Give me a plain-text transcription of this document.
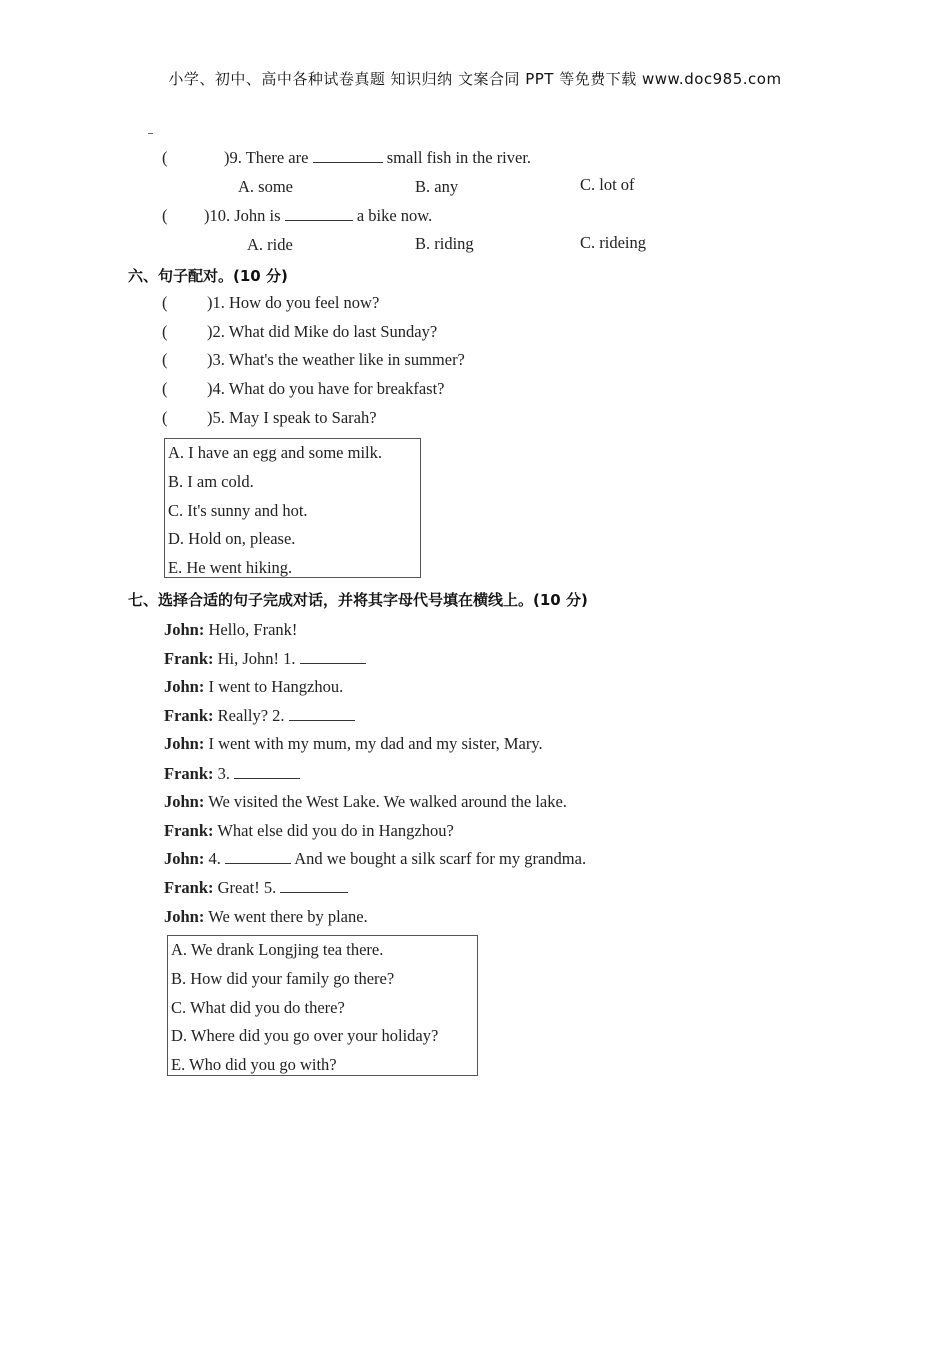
小学、初中、高中各种试卷真题 知识归纳 文案合同 PPT 等免费下载 www.doc985.com
(	)9. There are	small fish in the river.
A. some	B. any	C. lot of
( )10. John is	a bike now.
A. ride	B. riding	C. rideing
六、句子配对。(10 分)
( )1. How do you feel now?
( )2. What did Mike do last Sunday?
( )3. What's the weather like in summer?
( )4. What do you have for breakfast?
( )5. May I speak to Sarah?
A. I have an egg and some milk.
B. I am cold.
C. It's sunny and hot.
D. Hold on, please.
E. He went hiking.
七、选择合适的句子完成对话，并将其字母代号填在横线上。(10 分)
John: Hello, Frank!
Frank: Hi, John! 1.
John: I went to Hangzhou.
Frank: Really? 2.
John: I went with my mum, my dad and my sister, Mary.
Frank: 3.
John: We visited the West Lake. We walked around the lake.
Frank: What else did you do in Hangzhou?
John: 4.	And we bought a silk scarf for my grandma.
Frank: Great! 5.
John: We went there by plane.
A. We drank Longjing tea there.
B. How did your family go there?
C. What did you do there?
D. Where did you go over your holiday?
E. Who did you go with?
